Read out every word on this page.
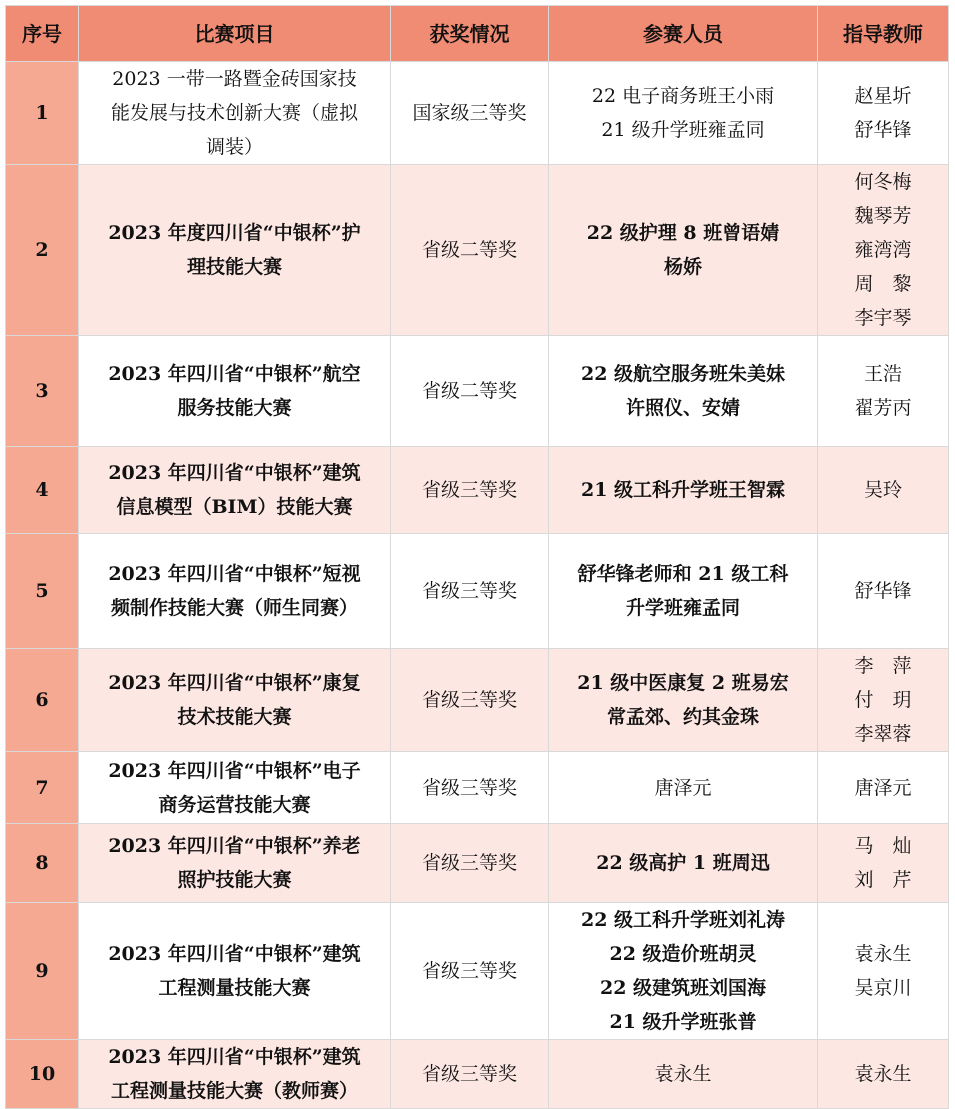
序号	比赛项目	获奖情况	参赛人员	指导教师
1	2023 一带一路暨金砖国家技
能发展与技术创新大赛（虚拟
调装）	国家级三等奖	22 电子商务班王小雨
21 级升学班雍孟同	赵星圻
舒华锋

2	2023 年度四川省“中银杯”护
理技能大赛	省级二等奖	22 级护理 8 班曾语婧
杨娇	何冬梅
魏琴芳
雍湾湾
周　黎
李宇琴

3	2023 年四川省“中银杯”航空
服务技能大赛	省级二等奖	22 级航空服务班朱美妹
许照仪、安婧	王浩
翟芳丙

4	2023 年四川省“中银杯”建筑
信息模型（BIM）技能大赛	省级三等奖	21 级工科升学班王智霖	吴玲

5	2023 年四川省“中银杯”短视
频制作技能大赛（师生同赛）	省级三等奖	舒华锋老师和 21 级工科
升学班雍孟同	舒华锋

6	2023 年四川省“中银杯”康复
技术技能大赛	省级三等奖	21 级中医康复 2 班易宏
常孟郊、约其金珠	李　萍
付　玥
李翠蓉

7	2023 年四川省“中银杯”电子
商务运营技能大赛	省级三等奖	唐泽元	唐泽元

8	2023 年四川省“中银杯”养老
照护技能大赛	省级三等奖	22 级高护 1 班周迅	马　灿
刘　芹

9	2023 年四川省“中银杯”建筑
工程测量技能大赛	省级三等奖	22 级工科升学班刘礼涛
22 级造价班胡灵
22 级建筑班刘国海
21 级升学班张普	袁永生
吴京川

10	2023 年四川省“中银杯”建筑
工程测量技能大赛（教师赛）	省级三等奖	袁永生	袁永生
